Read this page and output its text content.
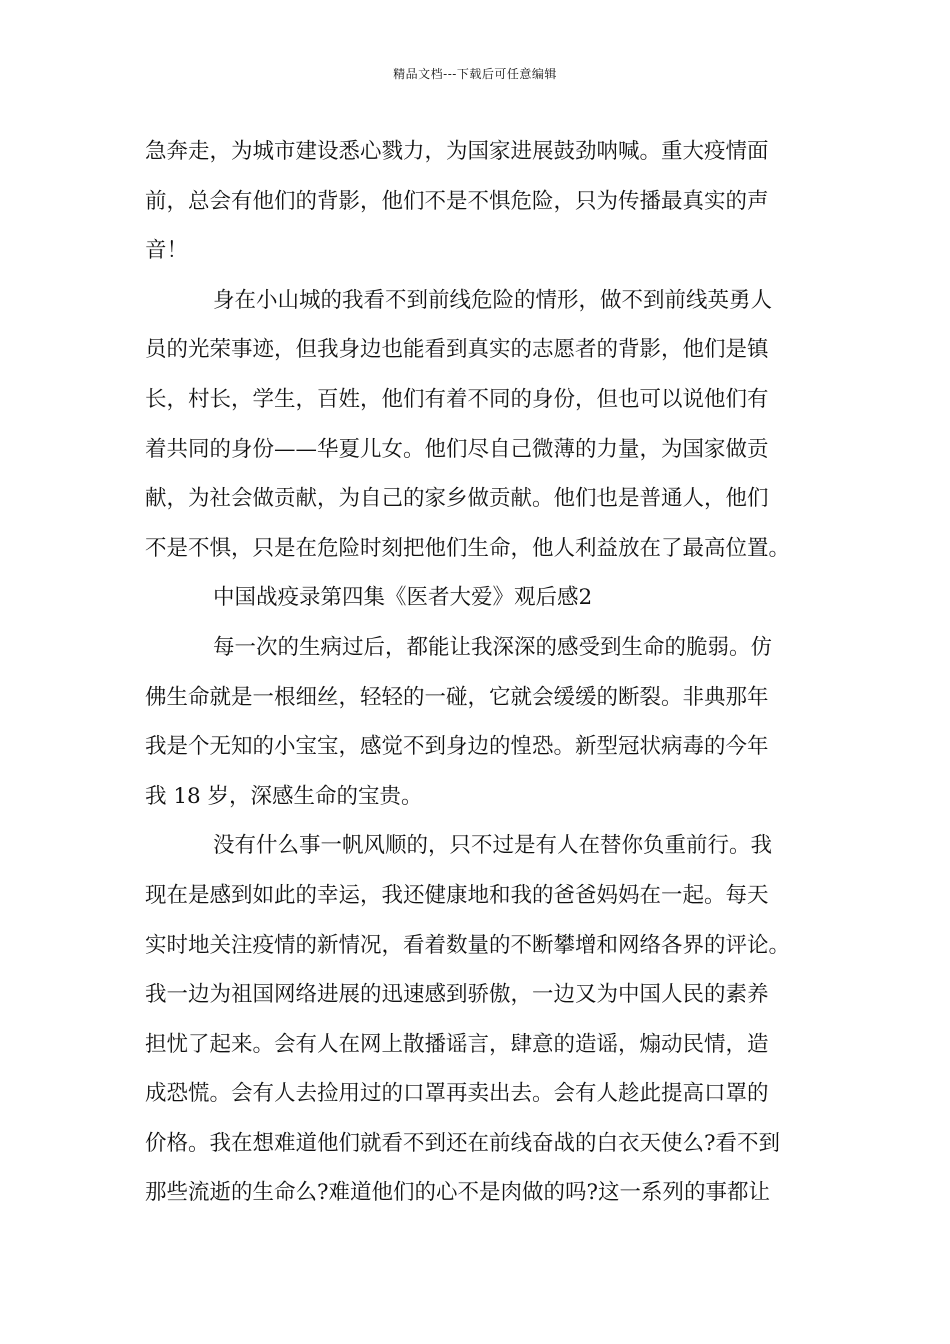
精品文档---下载后可任意编辑
急奔走，为城市建设悉心戮力，为国家进展鼓劲呐喊。重大疫情面
前，总会有他们的背影，他们不是不惧危险，只为传播最真实的声
音！
身在小山城的我看不到前线危险的情形，做不到前线英勇人
员的光荣事迹，但我身边也能看到真实的志愿者的背影，他们是镇
长，村长，学生，百姓，他们有着不同的身份，但也可以说他们有
着共同的身份——华夏儿女。他们尽自己微薄的力量，为国家做贡
献，为社会做贡献，为自己的家乡做贡献。他们也是普通人，他们
不是不惧，只是在危险时刻把他们生命，他人利益放在了最高位置。
中国战疫录第四集《医者大爱》观后感2
每一次的生病过后，都能让我深深的感受到生命的脆弱。仿
佛生命就是一根细丝，轻轻的一碰，它就会缓缓的断裂。非典那年
我是个无知的小宝宝，感觉不到身边的惶恐。新型冠状病毒的今年
我 18 岁，深感生命的宝贵。
没有什么事一帆风顺的，只不过是有人在替你负重前行。我
现在是感到如此的幸运，我还健康地和我的爸爸妈妈在一起。每天
实时地关注疫情的新情况，看着数量的不断攀增和网络各界的评论。
我一边为祖国网络进展的迅速感到骄傲，一边又为中国人民的素养
担忧了起来。会有人在网上散播谣言，肆意的造谣，煽动民情，造
成恐慌。会有人去捡用过的口罩再卖出去。会有人趁此提高口罩的
价格。我在想难道他们就看不到还在前线奋战的白衣天使么?看不到
那些流逝的生命么?难道他们的心不是肉做的吗?这一系列的事都让
